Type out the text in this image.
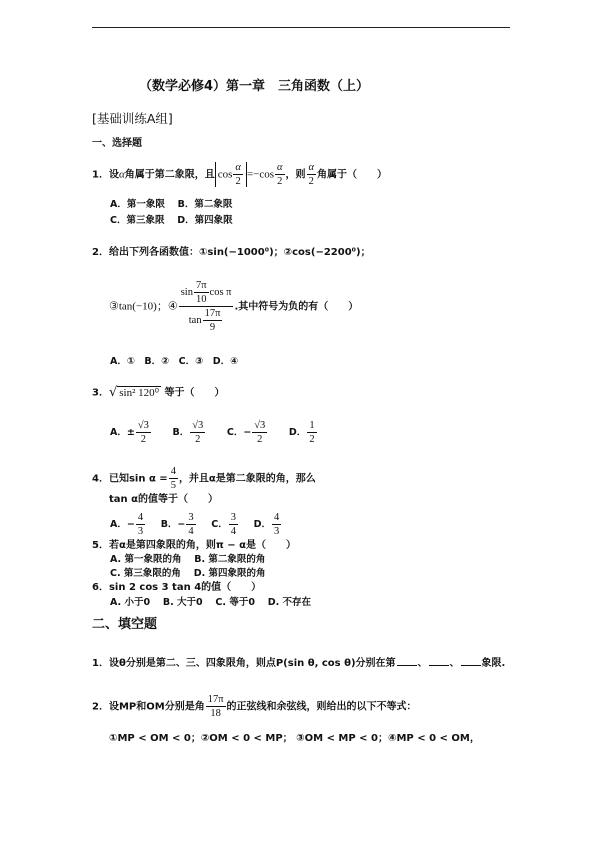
（数学必修4）第一章　三角函数（上）
[基础训练A组]
一、选择题
1．设α角属于第二象限，且 $\cos \frac{\alpha}{2} =-\cos \frac{\alpha}{2}$ ，则 $\frac{\alpha}{2}$ 角属于（　　）
A．第一象限　 B．第二象限
C．第三象限　 D．第四象限
2．给出下列各函数值：①sin(−1000⁰)；②cos(−2200⁰)；
③tan(−10)；④ $\frac{\sin \frac{7\pi}{10} \cos \pi}{\tan \frac{17\pi}{9}}$ .其中符号为负的有（　　）
A．①　B．②　C．③　D．④
3．√ sin² 120⁰ 等于（　　）
A．± $\frac{√3}{2}$ B． $\frac{√3}{2}$ C．− $\frac{√3}{2}$ D． $\frac{1}{2}$
4．已知$\sin \alpha = \frac{4}{5}$ ，并且α是第二象限的角，那么
tan α的值等于（　　）
A．− $\frac{4}{3}$ B．− $\frac{3}{4}$ C． $\frac{3}{4}$ D． $\frac{4}{3}$
5．若α是第四象限的角，则π − α是（　　）
A. 第一象限的角　 B. 第二象限的角
C. 第三象限的角　 D. 第四象限的角
6．sin 2 cos 3 tan 4的值（　　）
A. 小于0　 B. 大于0　 C. 等于0　 D. 不存在
二、填空题
1．设θ分别是第二、三、四象限角，则点P(sin θ, cos θ)分别在第 、 、 象限.
2．设MP和OM分别是角 $\frac{17\pi}{18}$ 的正弦线和余弦线，则给出的以下不等式：
①MP < OM < 0；②OM < 0 < MP； ③OM < MP < 0；④MP < 0 < OM，
